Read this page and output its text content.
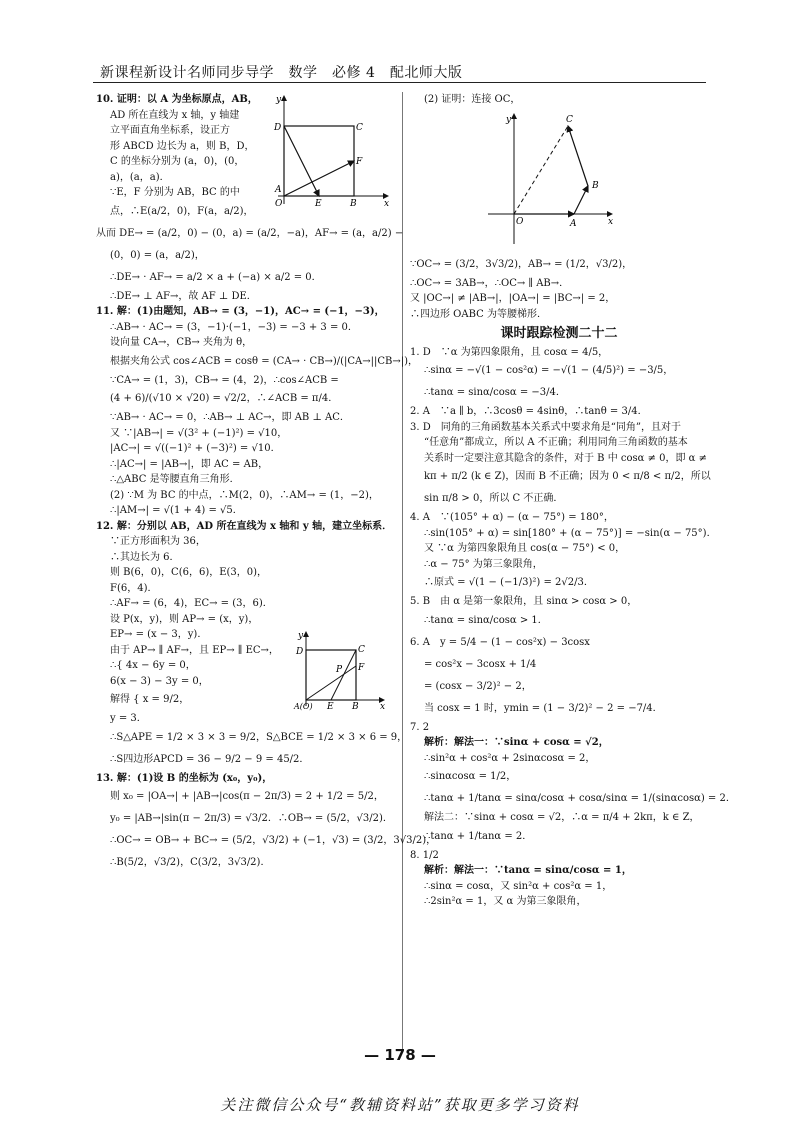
新课程新设计名师同步导学　数学　必修 4　配北师大版
10. 证明：以 A 为坐标原点，AB，
AD 所在直线为 x 轴，y 轴建
立平面直角坐标系，设正方
形 ABCD 边长为 a，则 B，D，
C 的坐标分别为 (a，0)，(0，
a)，(a，a)．
∵E，F 分别为 AB，BC 的中
点，∴E(a/2，0)，F(a，a/2)，
从而 DE→ = (a/2，0) − (0，a) = (a/2，−a)，AF→ = (a，a/2) −
(0，0) = (a，a/2)，
∴DE→ · AF→ = a/2 × a + (−a) × a/2 = 0．
∴DE→ ⊥ AF→，故 AF ⊥ DE．
11. 解：(1)由题知，AB→ = (3，−1)，AC→ = (−1，−3)，
∴AB→ · AC→ = (3，−1)·(−1，−3) = −3 + 3 = 0．
设向量 CA→，CB→ 夹角为 θ，
根据夹角公式 cos∠ACB = cosθ = (CA→ · CB→)/(|CA→||CB→|)，
∵CA→ = (1，3)，CB→ = (4，2)，∴cos∠ACB =
(4 + 6)/(√10 × √20) = √2/2，∴∠ACB = π/4．
∵AB→ · AC→ = 0，∴AB→ ⊥ AC→，即 AB ⊥ AC．
又 ∵|AB→| = √(3² + (−1)²) = √10，
|AC→| = √((−1)² + (−3)²) = √10．
∴|AC→| = |AB→|，即 AC = AB，
∴△ABC 是等腰直角三角形．
(2) ∵M 为 BC 的中点，∴M(2，0)，∴AM→ = (1，−2)，
∴|AM→| = √(1 + 4) = √5．
12. 解：分别以 AB，AD 所在直线为 x 轴和 y 轴，建立坐标系．
∵正方形面积为 36，
∴其边长为 6．
则 B(6，0)，C(6，6)，E(3，0)，
F(6，4)．
∴AF→ = (6，4)，EC→ = (3，6)．
设 P(x，y)，则 AP→ = (x，y)，
EP→ = (x − 3，y)．
由于 AP→ ∥ AF→，且 EP→ ∥ EC→，
∴{ 4x − 6y = 0，
6(x − 3) − 3y = 0，
解得 { x = 9/2，
y = 3．
∴S△APE = 1/2 × 3 × 3 = 9/2，S△BCE = 1/2 × 3 × 6 = 9，
∴S四边形APCD = 36 − 9/2 − 9 = 45/2．
13. 解：(1)设 B 的坐标为 (x₀，y₀)，
则 x₀ = |OA→| + |AB→|cos(π − 2π/3) = 2 + 1/2 = 5/2，
y₀ = |AB→|sin(π − 2π/3) = √3/2．∴OB→ = (5/2，√3/2)．
∴OC→ = OB→ + BC→ = (5/2，√3/2) + (−1，√3) = (3/2，3√3/2)，
∴B(5/2，√3/2)，C(3/2，3√3/2)．
(2) 证明：连接 OC，
∵OC→ = (3/2，3√3/2)，AB→ = (1/2，√3/2)，
∴OC→ = 3AB→，∴OC→ ∥ AB→．
又 |OC→| ≠ |AB→|，|OA→| = |BC→| = 2，
∴四边形 OABC 为等腰梯形．
课时跟踪检测二十二
1. D　∵α 为第四象限角，且 cosα = 4/5，
∴sinα = −√(1 − cos²α) = −√(1 − (4/5)²) = −3/5，
∴tanα = sinα/cosα = −3/4．
2. A　∵a ∥ b，∴3cosθ = 4sinθ，∴tanθ = 3/4．
3. D　同角的三角函数基本关系式中要求角是“同角”，且对于
“任意角”都成立，所以 A 不正确；利用同角三角函数的基本
关系时一定要注意其隐含的条件，对于 B 中 cosα ≠ 0，即 α ≠
kπ + π/2 (k ∈ Z)，因而 B 不正确；因为 0 < π/8 < π/2，所以
sin π/8 > 0，所以 C 不正确．
4. A　∵(105° + α) − (α − 75°) = 180°，
∴sin(105° + α) = sin[180° + (α − 75°)] = −sin(α − 75°)．
又 ∵α 为第四象限角且 cos(α − 75°) < 0，
∴α − 75° 为第三象限角，
∴原式 = √(1 − (−1/3)²) = 2√2/3．
5. B　由 α 是第一象限角，且 sinα > cosα > 0，
∴tanα = sinα/cosα > 1．
6. A　y = 5/4 − (1 − cos²x) − 3cosx
= cos²x − 3cosx + 1/4
= (cosx − 3/2)² − 2，
当 cosx = 1 时，ymin = (1 − 3/2)² − 2 = −7/4．
7. 2
解析：解法一：∵sinα + cosα = √2，
∴sin²α + cos²α + 2sinαcosα = 2，
∴sinαcosα = 1/2，
∴tanα + 1/tanα = sinα/cosα + cosα/sinα = 1/(sinαcosα) = 2．
解法二：∵sinα + cosα = √2，∴α = π/4 + 2kπ，k ∈ Z，
∴tanα + 1/tanα = 2．
8. 1/2
解析：解法一：∵tanα = sinα/cosα = 1，
∴sinα = cosα，又 sin²α + cos²α = 1，
∴2sin²α = 1，又 α 为第三象限角，
y
x
D	C
F
A
O	E	B
y
x
D	C
F
P
A(O) E B
y
x
O	A
B
C
— 178 —
关注微信公众号“教辅资料站”获取更多学习资料
